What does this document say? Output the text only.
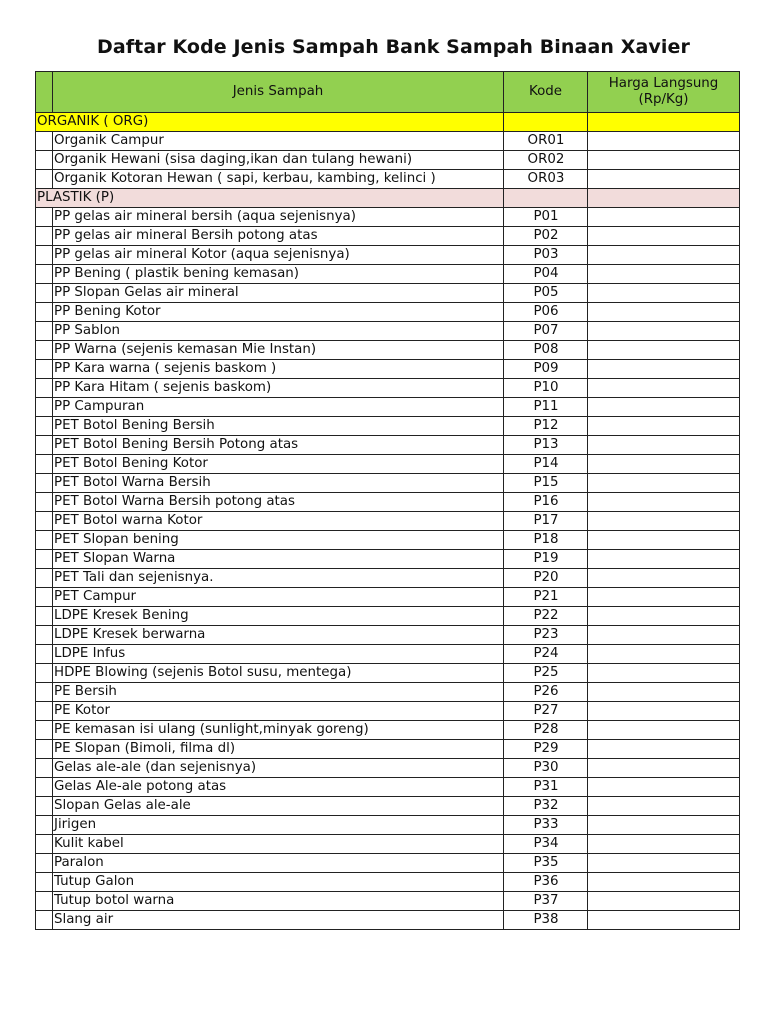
Daftar Kode Jenis Sampah Bank Sampah Binaan Xavier
	Jenis Sampah	Kode	Harga Langsung
(Rp/Kg)
ORGANIK ( ORG)			
	Organik Campur	OR01	
	Organik Hewani (sisa daging,ikan dan tulang hewani)	OR02	
	Organik Kotoran Hewan ( sapi, kerbau, kambing, kelinci )	OR03	
PLASTIK (P)			
	PP gelas air mineral bersih (aqua sejenisnya)	P01	
	PP gelas air mineral Bersih potong atas	P02	
	PP gelas air mineral Kotor (aqua sejenisnya)	P03	
	PP Bening ( plastik bening kemasan)	P04	
	PP Slopan Gelas air mineral	P05	
	PP Bening Kotor	P06	
	PP Sablon	P07	
	PP Warna (sejenis kemasan Mie Instan)	P08	
	PP Kara warna ( sejenis baskom )	P09	
	PP Kara Hitam ( sejenis baskom)	P10	
	PP Campuran	P11	
	PET Botol Bening Bersih	P12	
	PET Botol Bening Bersih Potong atas	P13	
	PET Botol Bening Kotor	P14	
	PET Botol Warna Bersih	P15	
	PET Botol Warna Bersih potong atas	P16	
	PET Botol warna Kotor	P17	
	PET Slopan bening	P18	
	PET Slopan Warna	P19	
	PET Tali dan sejenisnya.	P20	
	PET Campur	P21	
	LDPE Kresek Bening	P22	
	LDPE Kresek berwarna	P23	
	LDPE Infus	P24	
	HDPE Blowing (sejenis Botol susu, mentega)	P25	
	PE Bersih	P26	
	PE Kotor	P27	
	PE kemasan isi ulang (sunlight,minyak goreng)	P28	
	PE Slopan (Bimoli, filma dl)	P29	
	Gelas ale-ale (dan sejenisnya)	P30	
	Gelas Ale-ale potong atas	P31	
	Slopan Gelas ale-ale	P32	
	Jirigen	P33	
	Kulit kabel	P34	
	Paralon	P35	
	Tutup Galon	P36	
	Tutup botol warna	P37	
	Slang air	P38	
